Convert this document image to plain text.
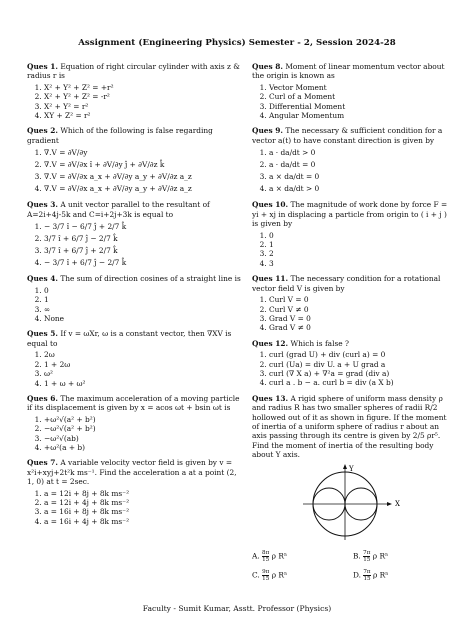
Assignment (Engineering Physics) Semester - 2, Session 2024-28

Ques 1. Equation of right circular cylinder with axis z & radius r is

1. X² + Y² + Z² = +r²
2. X² + Y² + Z² = -r²
3. X² + Y² = r²
4. XY + Z² = r²

Ques 2. Which of the following is false regarding gradient

1. ∇.V = ∂V/∂y
2. ∇.V = ∂V/∂x î + ∂V/∂y ĵ + ∂V/∂z k̂
3. ∇.V = ∂V/∂x a_x + ∂V/∂y a_y + ∂V/∂z a_z
4. ∇.V = ∂V/∂x a_x + ∂V/∂y a_y + ∂V/∂z a_z

Ques 3. A unit vector parallel to the resultant of A=2i+4j-5k and C=i+2j+3k is equal to

1. − 3/7 î − 6/7 ĵ + 2/7 k̂
2. 3/7 î + 6/7 ĵ − 2/7 k̂
3. 3/7 î + 6/7 ĵ + 2/7 k̂
4. − 3/7 î + 6/7 ĵ − 2/7 k̂

Ques 4. The sum of direction cosines of a straight line is

1. 0
2. 1
3. ∞
4. None

Ques 5. If v = ωXr, ω is a constant vector, then ∇XV is equal to

1. 2ω
2. 1 + 2ω
3. ω²
4. 1 + ω + ω²

Ques 6. The maximum acceleration of a moving particle if its displacement is given by x = acos ωt + bsin ωt is

1. +ω²√(a² + b²)
2. −ω²√(a² + b²)
3. −ω²√(ab)
4. +ω²(a + b)

Ques 7. A variable velocity vector field is given by v = x²i+xyj+2t²k ms⁻¹. Find the acceleration a at a point (2, 1, 0) at t = 2sec.

1. a = 12i + 8j + 8k ms⁻²
2. a = 12i + 4j + 8k ms⁻²
3. a = 16i + 8j + 8k ms⁻²
4. a = 16i + 4j + 8k ms⁻²

Ques 8. Moment of linear momentum vector about the origin is known as

1. Vector Moment
2. Curl of a Moment
3. Differential Moment
4. Angular Momentum

Ques 9. The necessary & sufficient condition for a vector a(t) to have constant direction is given by

1. a · da/dt > 0
2. a · da/dt = 0
3. a × da/dt = 0
4. a × da/dt > 0

Ques 10. The magnitude of work done by force F = yi + xj in displacing a particle from origin to ( i + j ) is given by

1. 0
2. 1
3. 2
4. 3

Ques 11. The necessary condition for a rotational vector field V is given by

1. Curl V = 0
2. Curl V ≠ 0
3. Grad V = 0
4. Grad V ≠ 0

Ques 12. Which is false ?

1. curl (grad U) + div (curl a) = 0
2. curl (Ua) = div U. a + U grad a
3. curl (∇ X a) + ∇²a = grad (div a)
4. curl a . b − a. curl b = div (a X b)

Ques 13. A rigid sphere of uniform mass density ρ and radius R has two smaller spheres of radii R/2 hollowed out of it as shown in figure. If the moment of inertia of a uniform sphere of radius r about an axis passing through its centre is given by 2/5 ρr⁵. Find the moment of inertia of the resulting body about Y axis.

Y
X
A. $\frac{8\pi}{15}$ ρ R⁵	B. $\frac{7\pi}{15}$ ρ R⁵
C. $\frac{9\pi}{15}$ ρ R⁵	D. $\frac{7\pi}{15}$ ρ R⁵
Faculty - Sumit Kumar, Asstt. Professor (Physics)
